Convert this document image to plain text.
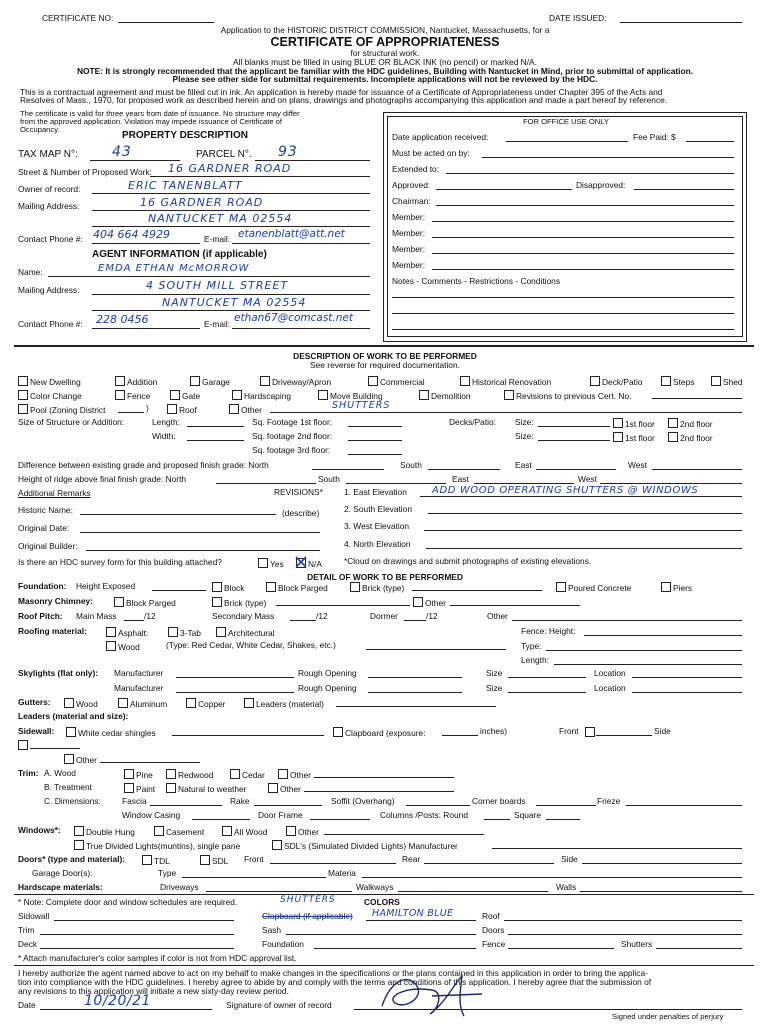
CERTIFICATE NO:	DATE ISSUED:
Application to the HISTORIC DISTRICT COMMISSION, Nantucket, Massachusetts, for a
CERTIFICATE OF APPROPRIATENESS
for structural work.
All blanks must be filled in using BLUE OR BLACK INK (no pencil) or marked N/A.
NOTE: It is strongly recommended that the applicant be familiar with the HDC guidelines, Building with Nantucket in Mind, prior to submittal of application.
Please see other side for submittal requirements. Incomplete applications will not be reviewed by the HDC.
This is a contractual agreement and must be filled cut in ink. An application is hereby made for issuance of a Certificate of Appropriateness under Chapter 395 of the Acts and
Resolves of Mass., 1970, for proposed work as described herein and on plans, drawings and photographs accompanying this application and made a part hereof by reference.
The certificate is valid for three years from date of issuance. No structure may differ
from the approved application. Violation may impede issuance of Certificate of
Occupancy.
PROPERTY DESCRIPTION
TAX MAP N°: 43	PARCEL N°. 93
Street & Number of Proposed Work: 16 GARDNER ROAD
Owner of record:	ERIC TANENBLATT
Mailing Address:	16 GARDNER ROAD
NANTUCKET MA 02554
Contact Phone #: 404 664 4929	E-mail: etanenblatt@att.net
AGENT INFORMATION (if applicable)
Name:	EMDA ETHAN McMORROW
Mailing Address:	4 SOUTH MILL STREET
NANTUCKET MA 02554
Contact Phone #: 228 0456	E-mail: ethan67@comcast.net
FOR OFFICE USE ONLY
Date application received:	Fee Paid: $
Must be acted on by:
Extended to:
Approved:	Disapproved:
Chairman:
Member:
Member:
Member:
Member:
Notes - Comments - Restrictions - Conditions
DESCRIPTION OF WORK TO BE PERFORMED
See reverse for required documentation.
New Dwelling	Addition	Garage	Driveway/Apron	Commercial	Historical Renovation	Deck/Patio	Steps	Shed
Color Change	Fence	Gate	Hardscaping	Move Building	Demolition	Revisions to previous Cert. No.
Pool (Zoning District	)	Roof	Other	SHUTTERS
Size of Structure or Addition:	Length:
Width:
Sq. Footage 1st floor:
Sq. footage 2nd floor:
Sq. footage 3rd floor:
Decks/Patio: Size:	1st floor	2nd floor
Size:	1st floor	2nd floor
Difference between existing grade and proposed finish grade: North	South	East	West
Height of ridge above final finish grade: North	South	East	West
Additional Remarks	REVISIONS*	1. East Elevation	ADD WOOD OPERATING SHUTTERS @ WINDOWS
Historic Name:	(describe)	2. South Elevation
Original Date:	3. West Elevation
Original Builder:	4. North Elevation
Is there an HDC survey form for this building attached?	Yes	N/A	*Cloud on drawings and submit photographs of existing elevations.
DETAIL OF WORK TO BE PERFORMED
Foundation: Height Exposed	Block	Block Parged	Brick (type)	Poured Concrete	Piers
Masonry Chimney:	Block Parged	Brick (type)	Other
Roof Pitch: Main Mass	/12	Secondary Mass	/12	Dormer	/12	Other
Roofing material:	Asphalt:	3-Tab	Architectural
Wood	(Type: Red Cedar, White Cedar, Shakes, etc.)
Fence: Height:
Type:
Length:
Skylights (flat only): Manufacturer	Rough Opening	Size	Location
Manufacturer	Rough Opening	Size	Location
Gutters:	Wood	Aluminum	Copper	Leaders (material)
Leaders (material and size):
Sidewall:	White cedar shingles	Clapboard (exposure:	inches)	Front	Side
Other
Trim: A. Wood	Pine	Redwood	Cedar	Other
B. Treatment	Paint	Natural to weather	Other
C. Dimensions:	Fascia	Rake	Soffit (Overhang)	Corner boards	Frieze
Window Casing	Door Frame	Columns /Posts: Round	Square
Windows*:	Double Hung	Casement	All Wood	Other
True Divided Lights(muntins), single pane	SDL's (Simulated Divided Lights) Manufacturer
Doors* (type and material):	TDL	SDL Front	Rear	Side
Garage Door(s):	Type	Materia
Hardscape materials:	Driveways	Walkways	Walls
* Note: Complete door and window schedules are required.	COLORS
SHUTTERS
Sidowall	Clapboard (if applicable) HAMILTON BLUE	Roof
Trim	Sash	Doors
Deck	Foundation	Fence	Shutters
* Attach manufacturer's color samples if color is not from HDC approval list.
I hereby authorize the agent named above to act on my behalf to make changes in the specifications or the plans contained in this application in order to bring the applica-
tion into compliance with the HDC guidelines. I hereby agree to abide by and comply with the terms and conditions of this application. I hereby agree that the submission of
any revisions to this application will initiate a new sixty-day review period.
Date	10/20/21	Signature of owner of record
Signed under penalties of perjury
